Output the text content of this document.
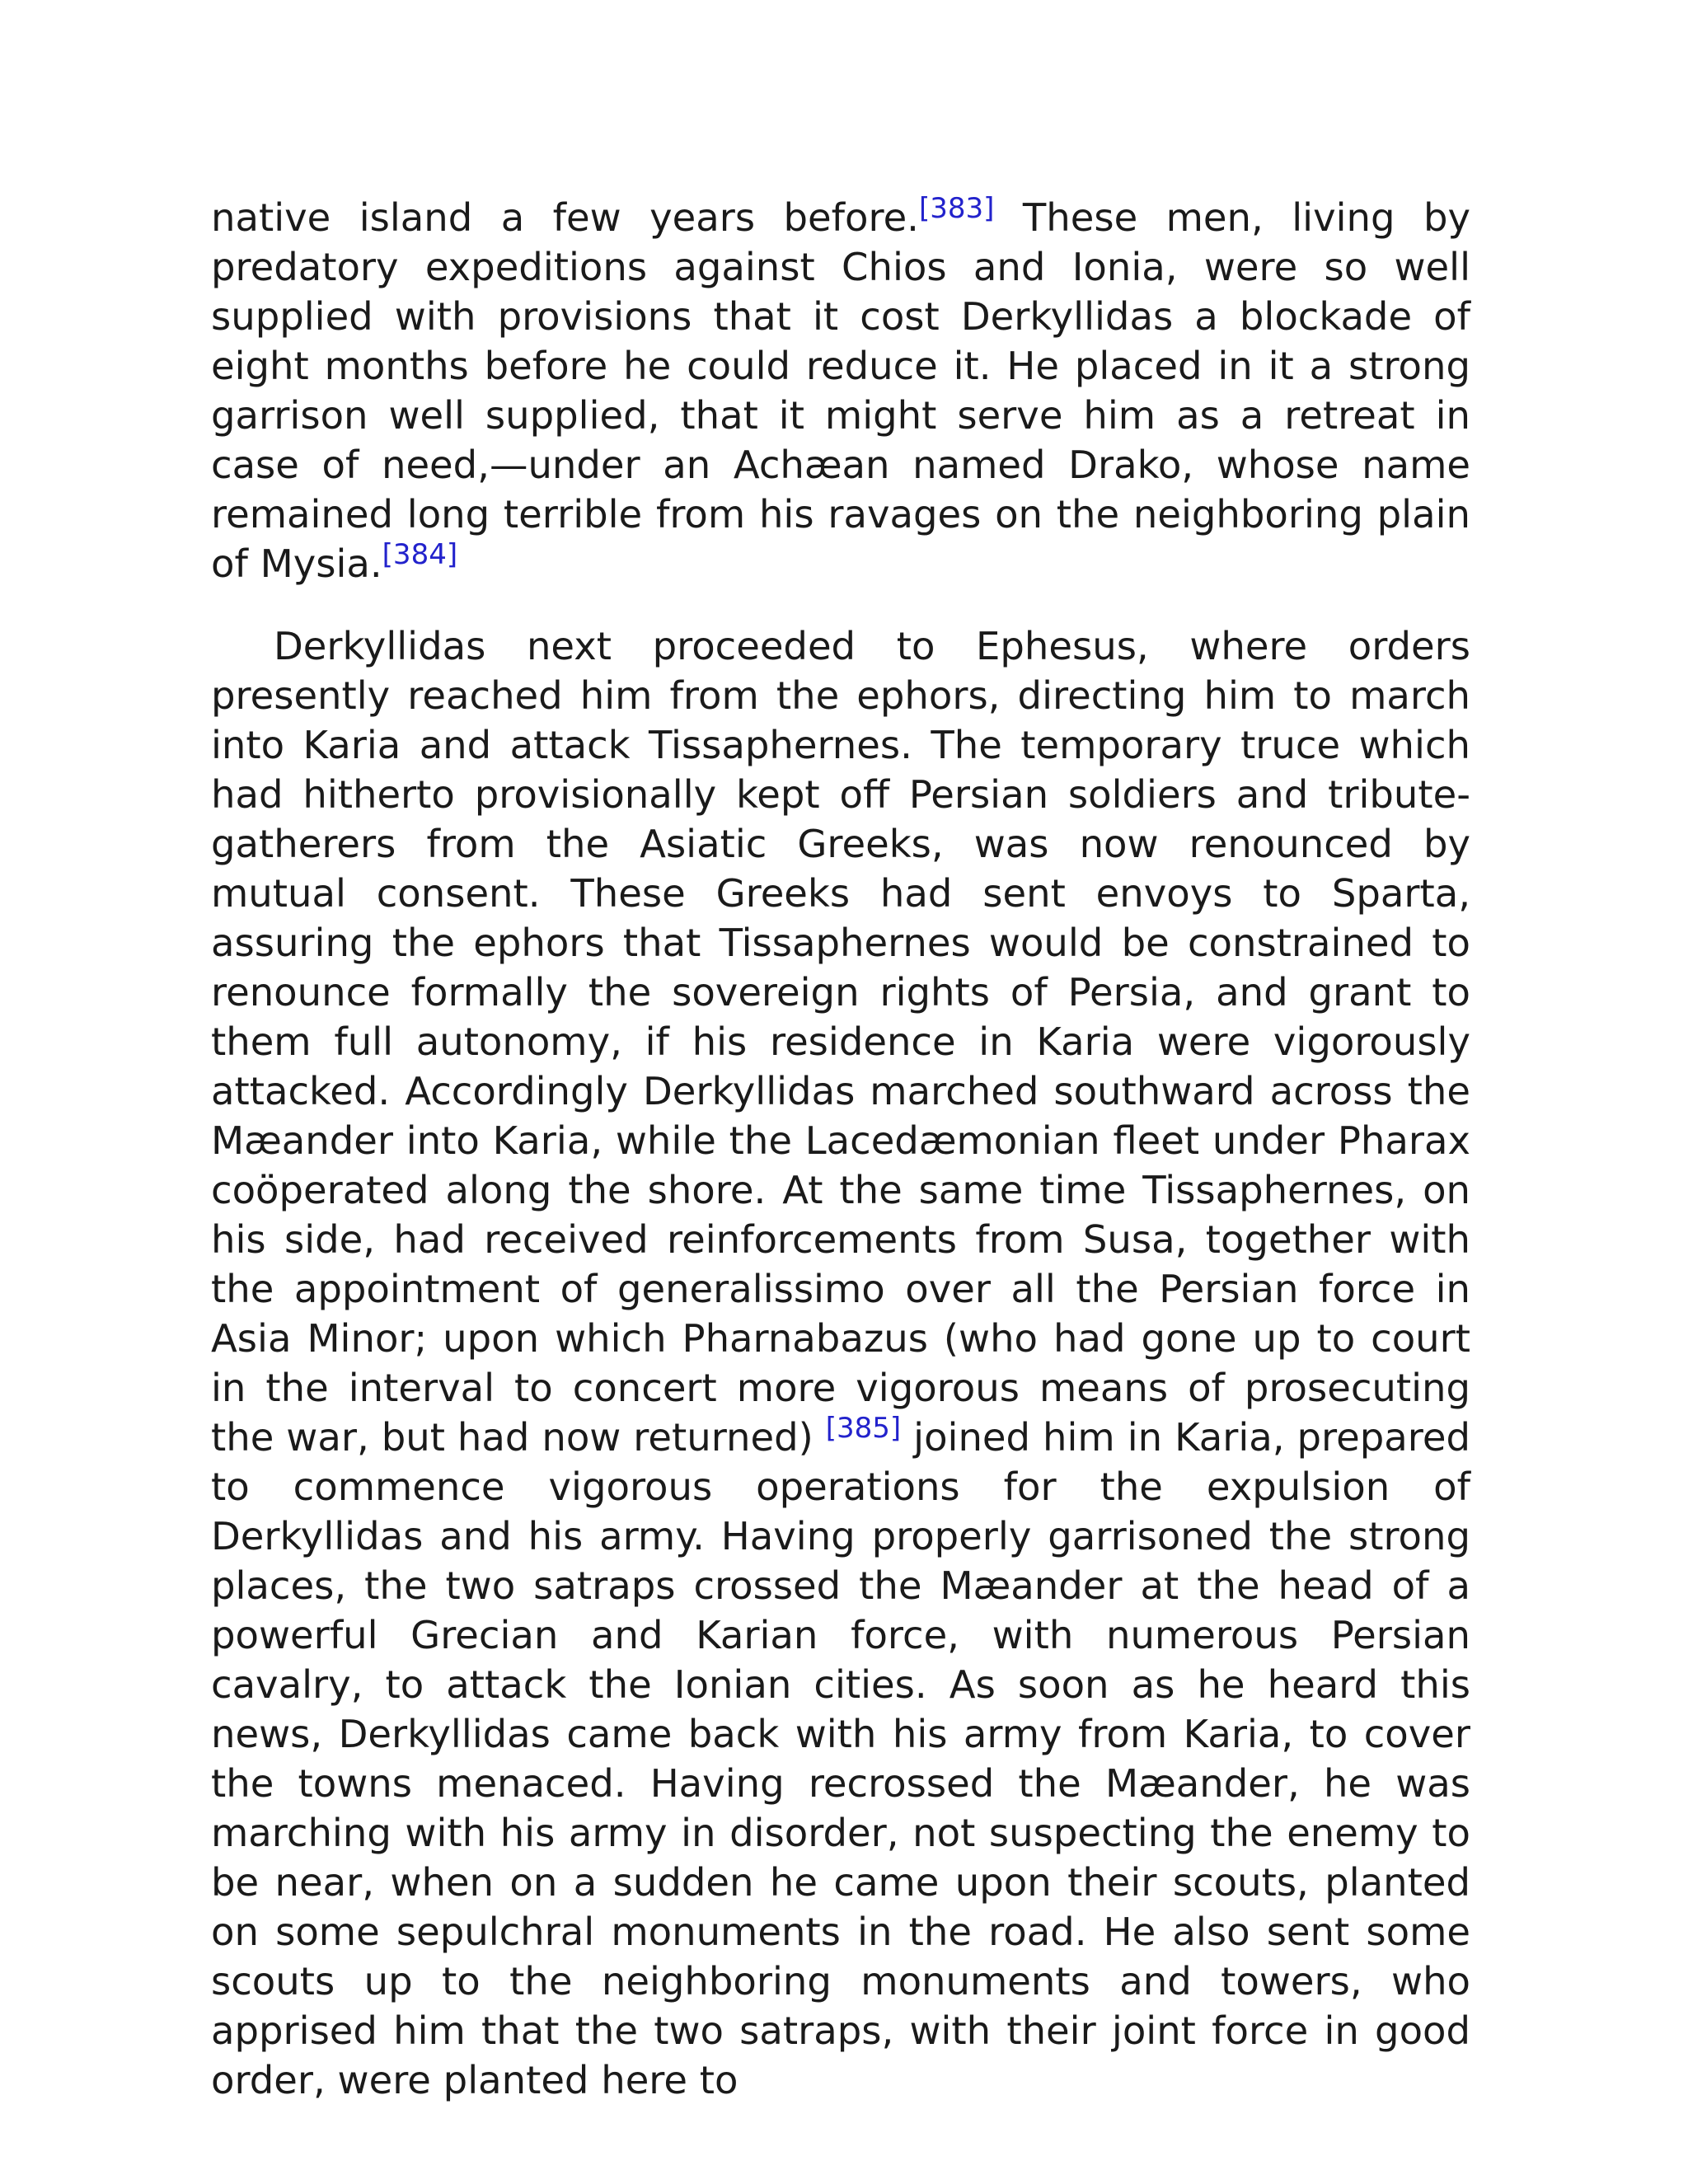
native island a few years before.[383] These men, living by predatory expeditions against Chios and Ionia, were so well supplied with provisions that it cost Derkyllidas a blockade of eight months before he could reduce it. He placed in it a strong garrison well supplied, that it might serve him as a retreat in case of need,—under an Achæan named Drako, whose name remained long terrible from his ravages on the neighboring plain of Mysia.[384]

Derkyllidas next proceeded to Ephesus, where orders presently reached him from the ephors, directing him to march into Karia and attack Tissaphernes. The temporary truce which had hitherto provisionally kept off Persian soldiers and tribute-gatherers from the Asiatic Greeks, was now renounced by mutual consent. These Greeks had sent envoys to Sparta, assuring the ephors that Tissaphernes would be constrained to renounce formally the sovereign rights of Persia, and grant to them full autonomy, if his residence in Karia were vigorously attacked. Accordingly Derkyllidas marched southward across the Mæander into Karia, while the Lacedæmonian fleet under Pharax coöperated along the shore. At the same time Tissaphernes, on his side, had received reinforcements from Susa, together with the appointment of generalissimo over all the Persian force in Asia Minor; upon which Pharnabazus (who had gone up to court in the interval to concert more vigorous means of prosecuting the war, but had now returned) [385] joined him in Karia, prepared to commence vigorous operations for the expulsion of Derkyllidas and his army. Having properly garrisoned the strong places, the two satraps crossed the Mæander at the head of a powerful Grecian and Karian force, with numerous Persian cavalry, to attack the Ionian cities. As soon as he heard this news, Derkyllidas came back with his army from Karia, to cover the towns menaced. Having recrossed the Mæander, he was marching with his army in disorder, not suspecting the enemy to be near, when on a sudden he came upon their scouts, planted on some sepulchral monuments in the road. He also sent some scouts up to the neighboring monuments and towers, who apprised him that the two satraps, with their joint force in good order, were planted here to
